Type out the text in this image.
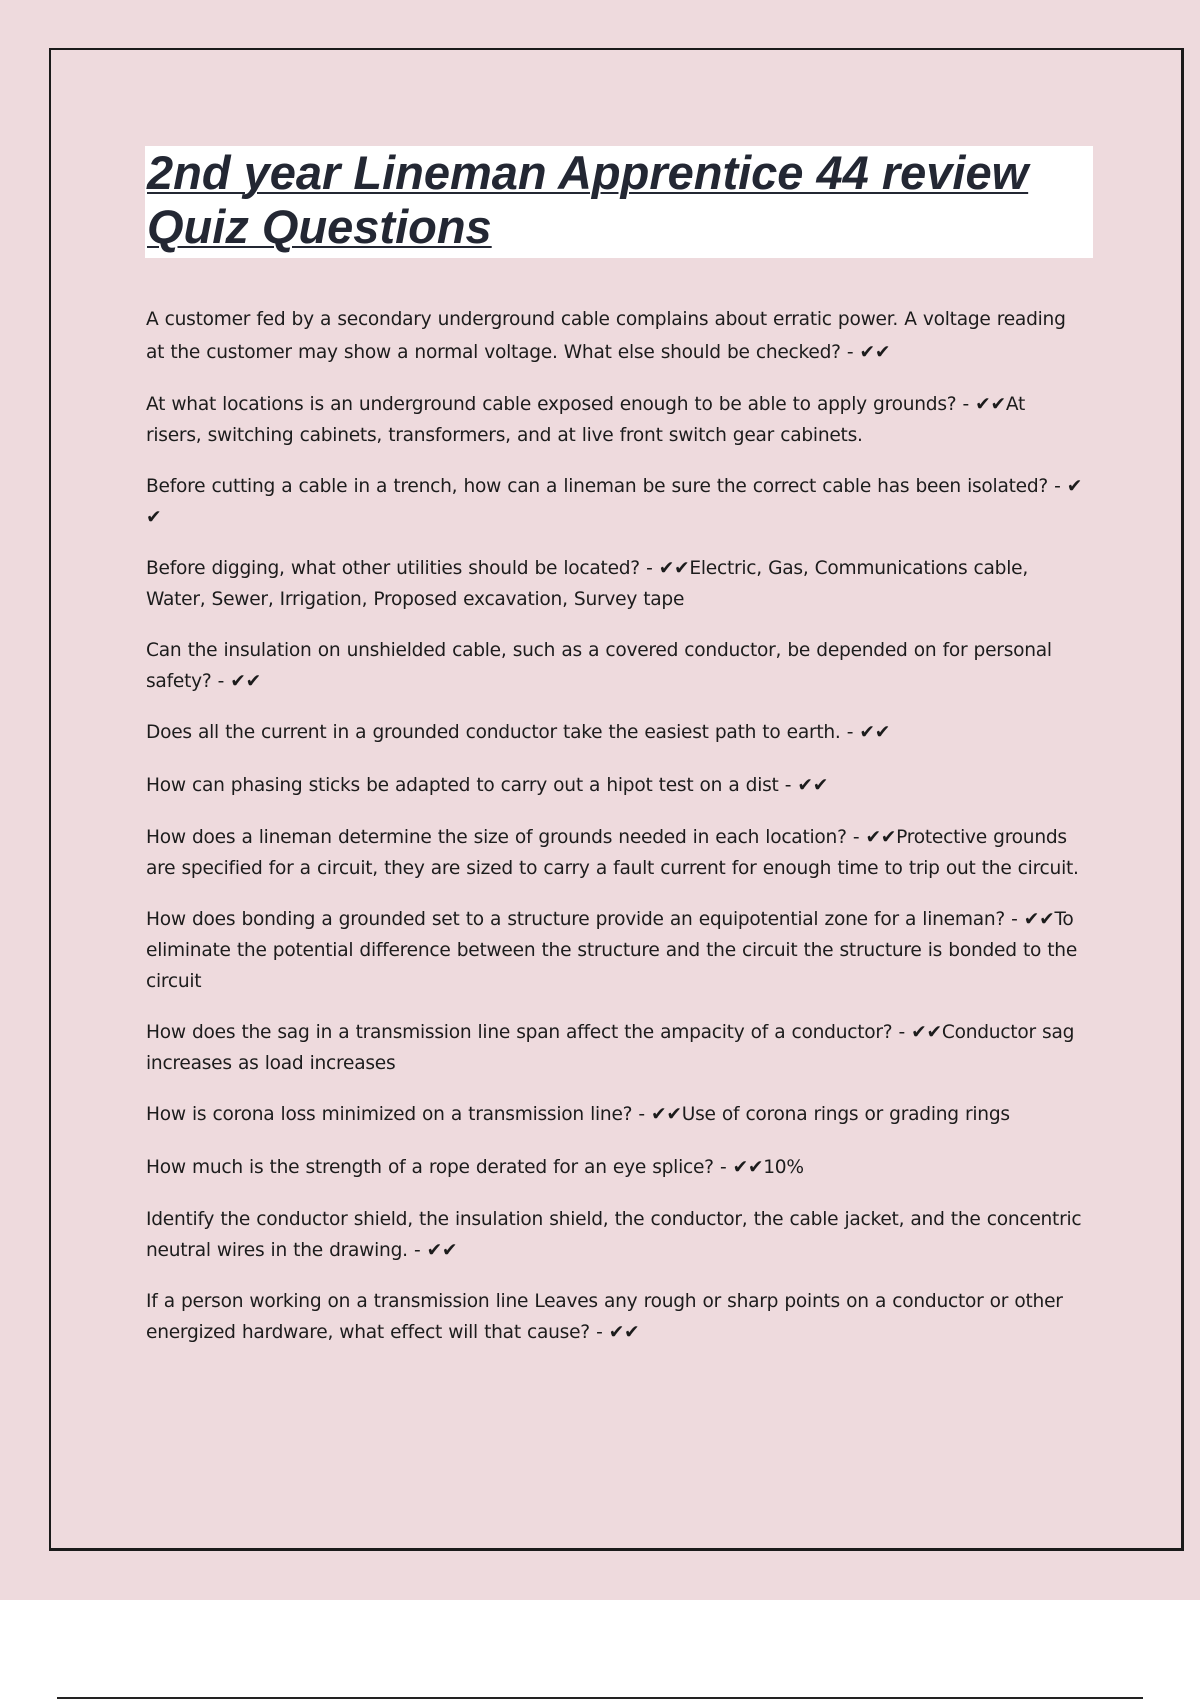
2nd year Lineman Apprentice 44 review Quiz Questions

A customer fed by a secondary underground cable complains about erratic power. A voltage reading at the customer may show a normal voltage. What else should be checked? - ✔✔

At what locations is an underground cable exposed enough to be able to apply grounds? - ✔✔At risers, switching cabinets, transformers, and at live front switch gear cabinets.

Before cutting a cable in a trench, how can a lineman be sure the correct cable has been isolated? - ✔ ✔

Before digging, what other utilities should be located? - ✔✔Electric, Gas, Communications cable, Water, Sewer, Irrigation, Proposed excavation, Survey tape

Can the insulation on unshielded cable, such as a covered conductor, be depended on for personal safety? - ✔✔

Does all the current in a grounded conductor take the easiest path to earth. - ✔✔

How can phasing sticks be adapted to carry out a hipot test on a dist - ✔✔

How does a lineman determine the size of grounds needed in each location? - ✔✔Protective grounds are specified for a circuit, they are sized to carry a fault current for enough time to trip out the circuit.

How does bonding a grounded set to a structure provide an equipotential zone for a lineman? - ✔✔To eliminate the potential difference between the structure and the circuit the structure is bonded to the circuit

How does the sag in a transmission line span affect the ampacity of a conductor? - ✔✔Conductor sag increases as load increases

How is corona loss minimized on a transmission line? - ✔✔Use of corona rings or grading rings

How much is the strength of a rope derated for an eye splice? - ✔✔10%

Identify the conductor shield, the insulation shield, the conductor, the cable jacket, and the concentric neutral wires in the drawing. - ✔✔

If a person working on a transmission line Leaves any rough or sharp points on a conductor or other energized hardware, what effect will that cause? - ✔✔
